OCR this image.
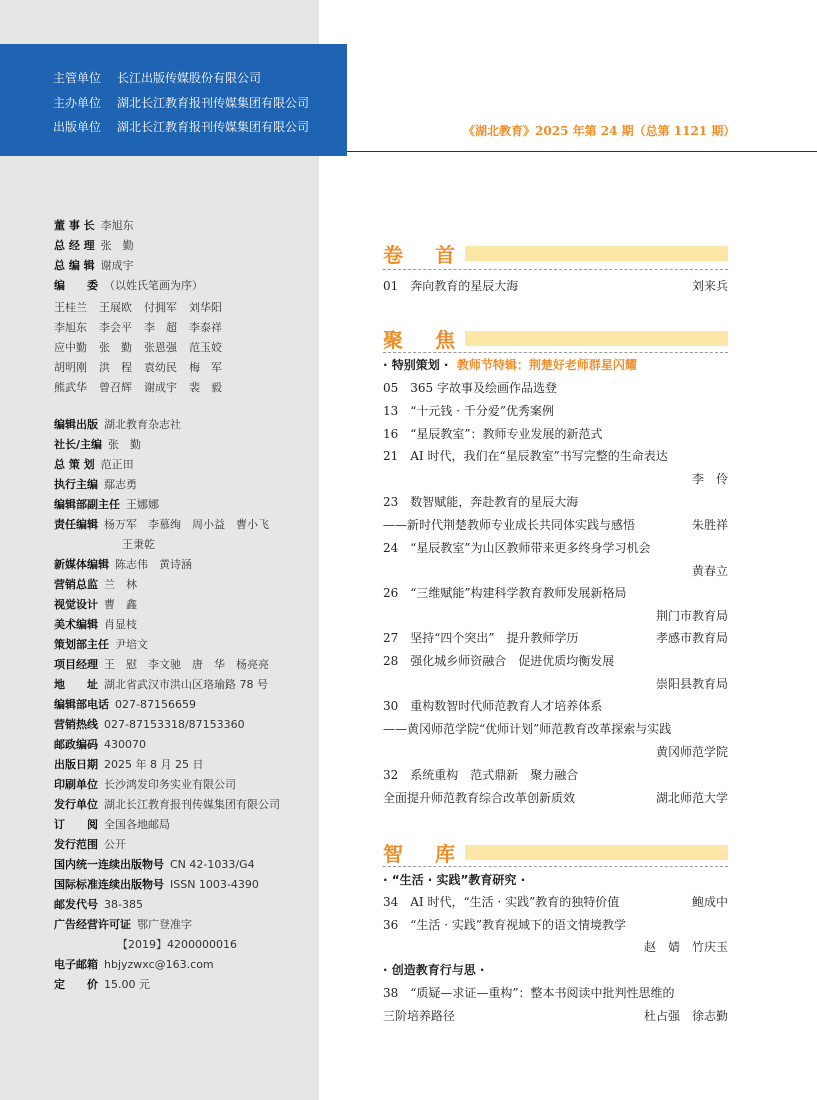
主管单位 长江出版传媒股份有限公司
主办单位 湖北长江教育报刊传媒集团有限公司
出版单位 湖北长江教育报刊传媒集团有限公司	《湖北教育》2025 年第 24 期（总第 1121 期）
董 事 长 李旭东
总 经 理 张　勤
总 编 辑 谢成宇
编　　委 （以姓氏笔画为序）
王桂兰 王展欧 付拥军 刘华阳
李旭东 李会平 李　超 李泰祥
应中勤 张　勤 张恩强 范玉姣
胡明刚 洪　程 袁幼民 梅　军
熊武华 曾召辉 谢成宇 裴　毅
编辑出版 湖北教育杂志社
社长/主编 张　勤
总 策 划 范正田
执行主编 鄢志勇
编辑部副主任 王娜娜
责任编辑 杨万军　李慕绚　周小益　曹小飞
王秉乾
新媒体编辑 陈志伟　黄诗涵
营销总监 兰　林
视觉设计 曹　鑫
美术编辑 肖显枝
策划部主任 尹培文
项目经理 王　慰　李文驰　唐　华　杨亮亮
地　　址 湖北省武汉市洪山区珞瑜路 78 号
编辑部电话 027-87156659
营销热线 027-87153318/87153360
邮政编码 430070
出版日期 2025 年 8 月 25 日
印刷单位 长沙鸿发印务实业有限公司
发行单位 湖北长江教育报刊传媒集团有限公司
订　　阅 全国各地邮局
发行范围 公开
国内统一连续出版物号 CN 42-1033/G4
国际标准连续出版物号 ISSN 1003-4390
邮发代号 38-385
广告经营许可证 鄂广登准字
【2019】4200000016
电子邮箱 hbjyzwxc@163.com
定　　价 15.00 元
卷首
01　奔向教育的星辰大海	刘来兵
聚焦
· 特别策划 · 教师节特辑：荆楚好老师群星闪耀
05　365 字故事及绘画作品选登
13　“十元钱 · 千分爱”优秀案例
16　“星辰教室”：教师专业发展的新范式
21　AI 时代，我们在“星辰教室”书写完整的生命表达
李　伶
23　数智赋能，奔赴教育的星辰大海
——新时代荆楚教师专业成长共同体实践与感悟	朱胜祥
24　“星辰教室”为山区教师带来更多终身学习机会
黄春立
26　“三维赋能”构建科学教育教师发展新格局
荆门市教育局
27　坚持“四个突出”　提升教师学历	孝感市教育局
28　强化城乡师资融合　促进优质均衡发展
崇阳县教育局
30　重构数智时代师范教育人才培养体系
——黄冈师范学院“优师计划”师范教育改革探索与实践
黄冈师范学院
32　系统重构　范式鼎新　聚力融合
全面提升师范教育综合改革创新质效	湖北师范大学
智库
· “生活 · 实践”教育研究 ·
34　AI 时代，“生活 · 实践”教育的独特价值	鲍成中
36　“生活 · 实践”教育视域下的语文情境教学
赵　婧　竹庆玉
· 创造教育行与思 ·
38　“质疑—求证—重构”：整本书阅读中批判性思维的
三阶培养路径	杜占强　徐志勤
